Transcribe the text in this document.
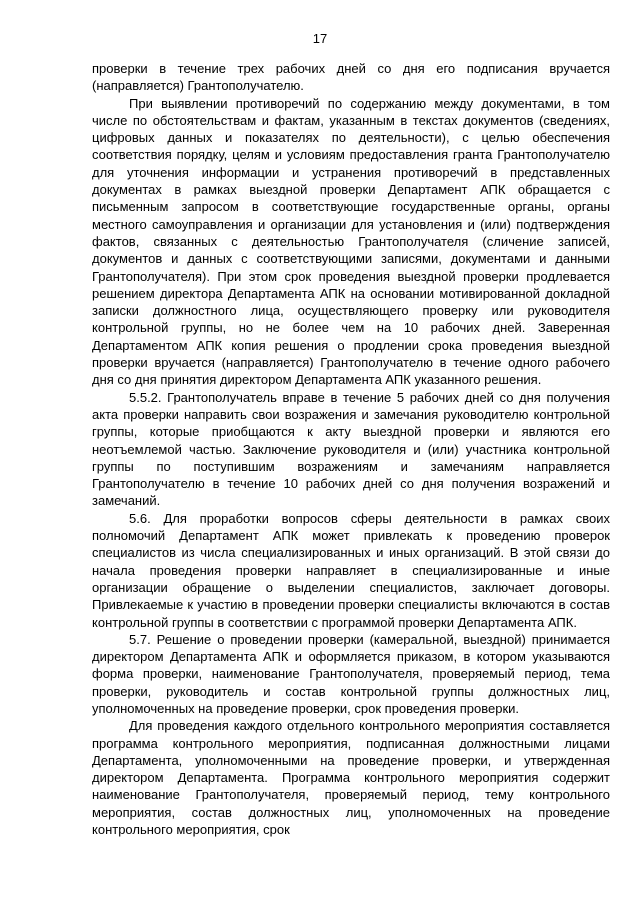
17

проверки в течение трех рабочих дней со дня его подписания вручается (направляется) Грантополучателю.

При выявлении противоречий по содержанию между документами, в том числе по обстоятельствам и фактам, указанным в текстах документов (сведениях, цифровых данных и показателях по деятельности), с целью обеспечения соответствия порядку, целям и условиям предоставления гранта Грантополучателю для уточнения информации и устранения противоречий в представленных документах в рамках выездной проверки Департамент АПК обращается с письменным запросом в соответствующие государственные органы, органы местного самоуправления и организации для установления и (или) подтверждения фактов, связанных с деятельностью Грантополучателя (сличение записей, документов и данных с соответствующими записями, документами и данными Грантополучателя). При этом срок проведения выездной проверки продлевается решением директора Департамента АПК на основании мотивированной докладной записки должностного лица, осуществляющего проверку или руководителя контрольной группы, но не более чем на 10 рабочих дней. Заверенная Департаментом АПК копия решения о продлении срока проведения выездной проверки вручается (направляется) Грантополучателю в течение одного рабочего дня со дня принятия директором Департамента АПК указанного решения.

5.5.2. Грантополучатель вправе в течение 5 рабочих дней со дня получения акта проверки направить свои возражения и замечания руководителю контрольной группы, которые приобщаются к акту выездной проверки и являются его неотъемлемой частью. Заключение руководителя и (или) участника контрольной группы по поступившим возражениям и замечаниям направляется Грантополучателю в течение 10 рабочих дней со дня получения возражений и замечаний.

5.6. Для проработки вопросов сферы деятельности в рамках своих полномочий Департамент АПК может привлекать к проведению проверок специалистов из числа специализированных и иных организаций. В этой связи до начала проведения проверки направляет в специализированные и иные организации обращение о выделении специалистов, заключает договоры. Привлекаемые к участию в проведении проверки специалисты включаются в состав контрольной группы в соответствии с программой проверки Департамента АПК.

5.7. Решение о проведении проверки (камеральной, выездной) принимается директором Департамента АПК и оформляется приказом, в котором указываются форма проверки, наименование Грантополучателя, проверяемый период, тема проверки, руководитель и состав контрольной группы должностных лиц, уполномоченных на проведение проверки, срок проведения проверки.

Для проведения каждого отдельного контрольного мероприятия составляется программа контрольного мероприятия, подписанная должностными лицами Департамента, уполномоченными на проведение проверки, и утвержденная директором Департамента. Программа контрольного мероприятия содержит наименование Грантополучателя, проверяемый период, тему контрольного мероприятия, состав должностных лиц, уполномоченных на проведение контрольного мероприятия, срок
